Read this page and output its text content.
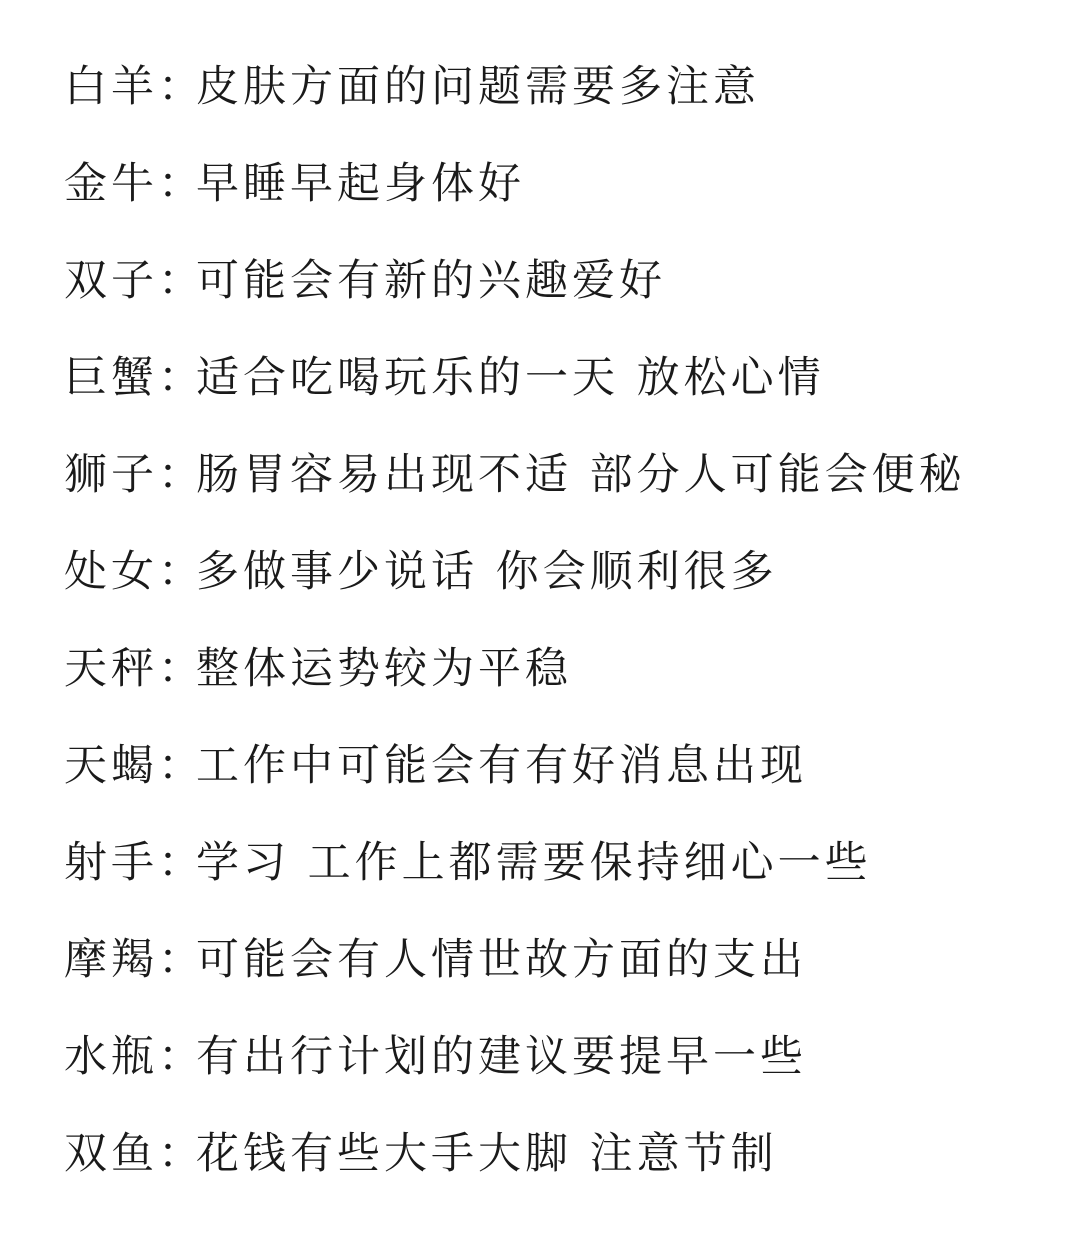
白羊：
皮肤方面的问题需要多注意
金牛：
早睡早起身体好
双子：
可能会有新的兴趣爱好
巨蟹：
适合吃喝玩乐的一天 放松心情
狮子：
肠胃容易出现不适 部分人可能会便秘
处女：
多做事少说话 你会顺利很多
天秤：
整体运势较为平稳
天蝎：
工作中可能会有有好消息出现
射手：
学习 工作上都需要保持细心一些
摩羯：
可能会有人情世故方面的支出
水瓶：
有出行计划的建议要提早一些
双鱼：
花钱有些大手大脚 注意节制
